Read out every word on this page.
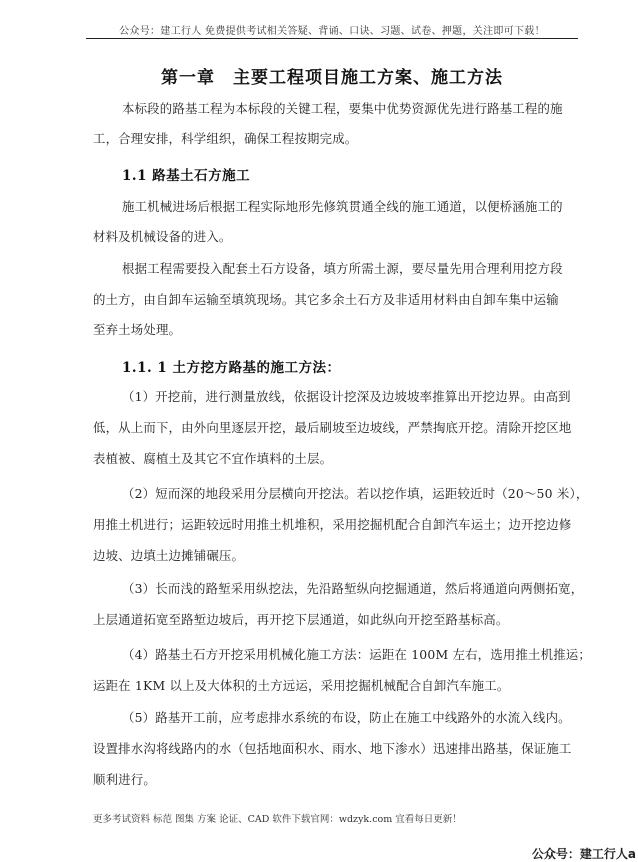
公众号：建工行人 免费提供考试相关答疑、背诵、口诀、习题、试卷、押题，关注即可下载！
第一章　主要工程项目施工方案、施工方法
本标段的路基工程为本标段的关键工程，要集中优势资源优先进行路基工程的施
工，合理安排，科学组织，确保工程按期完成。
1.1 路基土石方施工
施工机械进场后根据工程实际地形先修筑贯通全线的施工通道，以便桥涵施工的
材料及机械设备的进入。
根据工程需要投入配套土石方设备，填方所需土源，要尽量先用合理利用挖方段
的土方，由自卸车运输至填筑现场。其它多余土石方及非适用材料由自卸车集中运输
至弃土场处理。
1.1. 1 土方挖方路基的施工方法：
（1）开挖前，进行测量放线，依据设计挖深及边坡坡率推算出开挖边界。由高到
低，从上而下，由外向里逐层开挖，最后刷坡至边坡线，严禁掏底开挖。清除开挖区地
表植被、腐植土及其它不宜作填料的土层。
（2）短而深的地段采用分层横向开挖法。若以挖作填，运距较近时（20～50 米），
用推土机进行；运距较远时用推土机堆积，采用挖掘机配合自卸汽车运土；边开挖边修
边坡、边填土边摊铺碾压。
（3）长而浅的路堑采用纵挖法，先沿路堑纵向挖掘通道，然后将通道向两侧拓宽，
上层通道拓宽至路堑边坡后，再开挖下层通道，如此纵向开挖至路基标高。
（4）路基土石方开挖采用机械化施工方法：运距在 100M 左右，选用推土机推运；
运距在 1KM 以上及大体积的土方远运，采用挖掘机械配合自卸汽车施工。
（5）路基开工前，应考虑排水系统的布设，防止在施工中线路外的水流入线内。
设置排水沟将线路内的水（包括地面积水、雨水、地下渗水）迅速排出路基，保证施工
顺利进行。
更多考试资料 标范 图集 方案 论证、CAD 软件下载官网：wdzyk.com 宜看每日更新！
公众号：建工行人a
